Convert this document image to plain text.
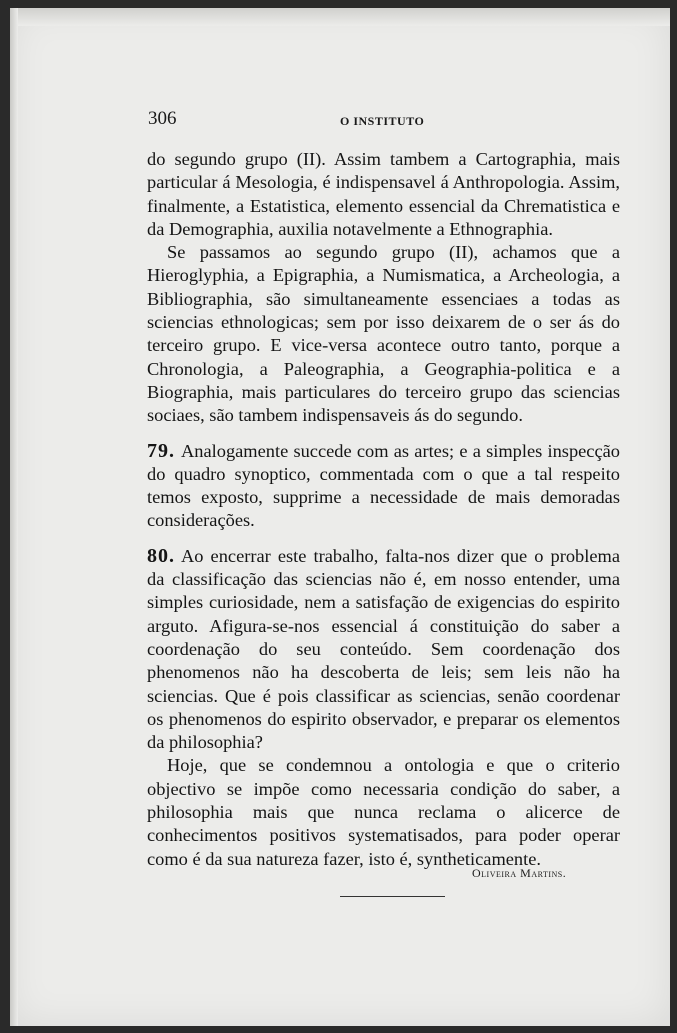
306	O INSTITUTO

do segundo grupo (II). Assim tambem a Cartographia, mais particular á Mesologia, é indispensavel á Anthropologia. Assim, finalmente, a Estatistica, elemento essencial da Chrematistica e da Demographia, auxilia notavelmente a Ethnographia.

Se passamos ao segundo grupo (II), achamos que a Hieroglyphia, a Epigraphia, a Numismatica, a Archeologia, a Bibliographia, são simultaneamente essenciaes a todas as sciencias ethnologicas; sem por isso deixarem de o ser ás do terceiro grupo. E vice-versa acontece outro tanto, porque a Chronologia, a Paleographia, a Geographia-politica e a Biographia, mais particulares do terceiro grupo das sciencias sociaes, são tambem indispensaveis ás do segundo.

79. Analogamente succede com as artes; e a simples inspecção do quadro synoptico, commentada com o que a tal respeito temos exposto, supprime a necessidade de mais demoradas considerações.

80. Ao encerrar este trabalho, falta-nos dizer que o problema da classificação das sciencias não é, em nosso entender, uma simples curiosidade, nem a satisfação de exigencias do espirito arguto. Afigura-se-nos essencial á constituição do saber a coordenação do seu conteúdo. Sem coordenação dos phenomenos não ha descoberta de leis; sem leis não ha sciencias. Que é pois classificar as sciencias, senão coordenar os phenomenos do espirito observador, e preparar os elementos da philosophia?

Hoje, que se condemnou a ontologia e que o criterio objectivo se impõe como necessaria condição do saber, a philosophia mais que nunca reclama o alicerce de conhecimentos positivos systematisados, para poder operar como é da sua natureza fazer, isto é, syntheticamente.

Oliveira Martins.
